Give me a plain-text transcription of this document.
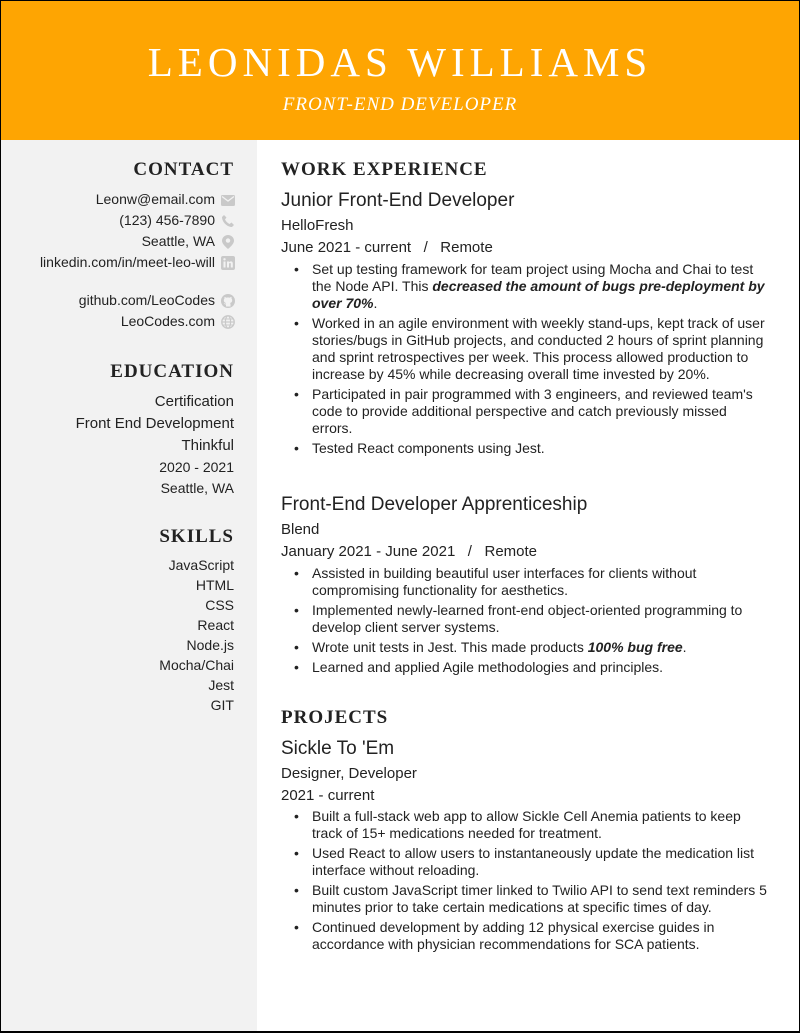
LEONIDAS WILLIAMS
FRONT-END DEVELOPER
CONTACT
Leonw@email.com
(123) 456-7890
Seattle, WA
linkedin.com/in/meet-leo-will
github.com/LeoCodes
LeoCodes.com
EDUCATION
Certification
Front End Development
Thinkful
2020 - 2021
Seattle, WA
SKILLS
JavaScript
HTML
CSS
React
Node.js
Mocha/Chai
Jest
GIT
WORK EXPERIENCE
Junior Front-End Developer
HelloFresh
June 2021 - current   /   Remote
• Set up testing framework for team project using Mocha and Chai to test the Node API. This decreased the amount of bugs pre-deployment by over 70%.
• Worked in an agile environment with weekly stand-ups, kept track of user stories/bugs in GitHub projects, and conducted 2 hours of sprint planning and sprint retrospectives per week. This process allowed production to increase by 45% while decreasing overall time invested by 20%.
• Participated in pair programmed with 3 engineers, and reviewed team's code to provide additional perspective and catch previously missed errors.
• Tested React components using Jest.
Front-End Developer Apprenticeship
Blend
January 2021 - June 2021   /   Remote
• Assisted in building beautiful user interfaces for clients without compromising functionality for aesthetics.
• Implemented newly-learned front-end object-oriented programming to develop client server systems.
• Wrote unit tests in Jest. This made products 100% bug free.
• Learned and applied Agile methodologies and principles.
PROJECTS
Sickle To 'Em
Designer, Developer
2021 - current
• Built a full-stack web app to allow Sickle Cell Anemia patients to keep track of 15+ medications needed for treatment.
• Used React to allow users to instantaneously update the medication list interface without reloading.
• Built custom JavaScript timer linked to Twilio API to send text reminders 5 minutes prior to take certain medications at specific times of day.
• Continued development by adding 12 physical exercise guides in accordance with physician recommendations for SCA patients.
